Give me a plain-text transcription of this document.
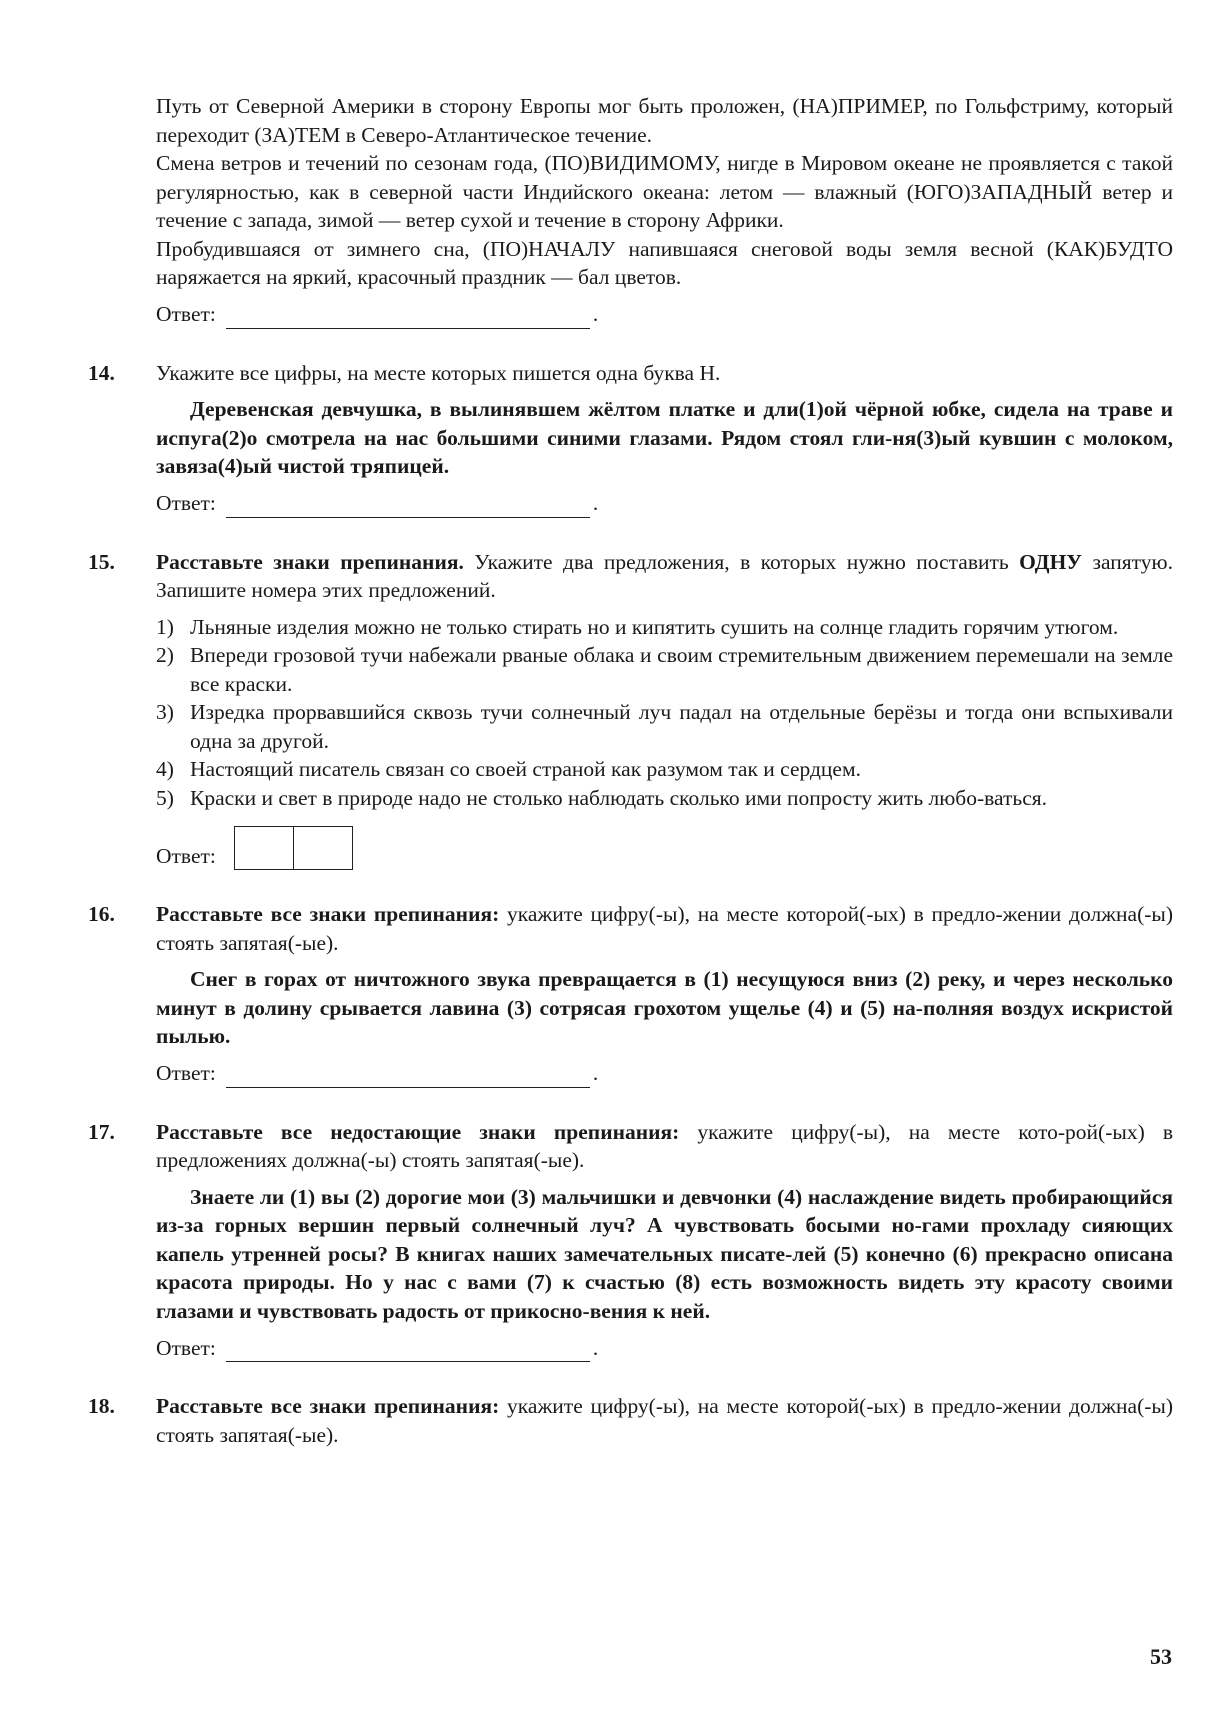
Путь от Северной Америки в сторону Европы мог быть проложен, (НА)ПРИМЕР, по Гольфстриму, который переходит (ЗА)ТЕМ в Северо-Атлантическое течение.

Смена ветров и течений по сезонам года, (ПО)ВИДИМОМУ, нигде в Мировом океане не проявляется с такой регулярностью, как в северной части Индийского океана: летом — влажный (ЮГО)ЗАПАДНЫЙ ветер и течение с запада, зимой — ветер сухой и течение в сторону Африки.

Пробудившаяся от зимнего сна, (ПО)НАЧАЛУ напившаяся снеговой воды земля весной (КАК)БУДТО наряжается на яркий, красочный праздник — бал цветов.

Ответ:	.
14. Укажите все цифры, на месте которых пишется одна буква Н.

Деревенская девчушка, в вылинявшем жёлтом платке и дли(1)ой чёрной юбке, сидела на траве и испуга(2)о смотрела на нас большими синими глазами. Рядом стоял гли-ня(3)ый кувшин с молоком, завяза(4)ый чистой тряпицей.

Ответ:	.
15. Расставьте знаки препинания. Укажите два предложения, в которых нужно поставить ОДНУ запятую. Запишите номера этих предложений.

1) Льняные изделия можно не только стирать но и кипятить сушить на солнце гладить горячим утюгом.
2) Впереди грозовой тучи набежали рваные облака и своим стремительным движением перемешали на земле все краски.
3) Изредка прорвавшийся сквозь тучи солнечный луч падал на отдельные берёзы и тогда они вспыхивали одна за другой.
4) Настоящий писатель связан со своей страной как разумом так и сердцем.
5) Краски и свет в природе надо не столько наблюдать сколько ими попросту жить любо-ваться.
Ответ:
16. Расставьте все знаки препинания: укажите цифру(-ы), на месте которой(-ых) в предло-жении должна(-ы) стоять запятая(-ые).

Снег в горах от ничтожного звука превращается в (1) несущуюся вниз (2) реку, и через несколько минут в долину срывается лавина (3) сотрясая грохотом ущелье (4) и (5) на-полняя воздух искристой пылью.

Ответ:	.
17. Расставьте все недостающие знаки препинания: укажите цифру(-ы), на месте кото-рой(-ых) в предложениях должна(-ы) стоять запятая(-ые).

Знаете ли (1) вы (2) дорогие мои (3) мальчишки и девчонки (4) наслаждение видеть пробирающийся из-за горных вершин первый солнечный луч? А чувствовать босыми но-гами прохладу сияющих капель утренней росы? В книгах наших замечательных писате-лей (5) конечно (6) прекрасно описана красота природы. Но у нас с вами (7) к счастью (8) есть возможность видеть эту красоту своими глазами и чувствовать радость от прикосно-вения к ней.

Ответ:	.
18. Расставьте все знаки препинания: укажите цифру(-ы), на месте которой(-ых) в предло-жении должна(-ы) стоять запятая(-ые).

53
